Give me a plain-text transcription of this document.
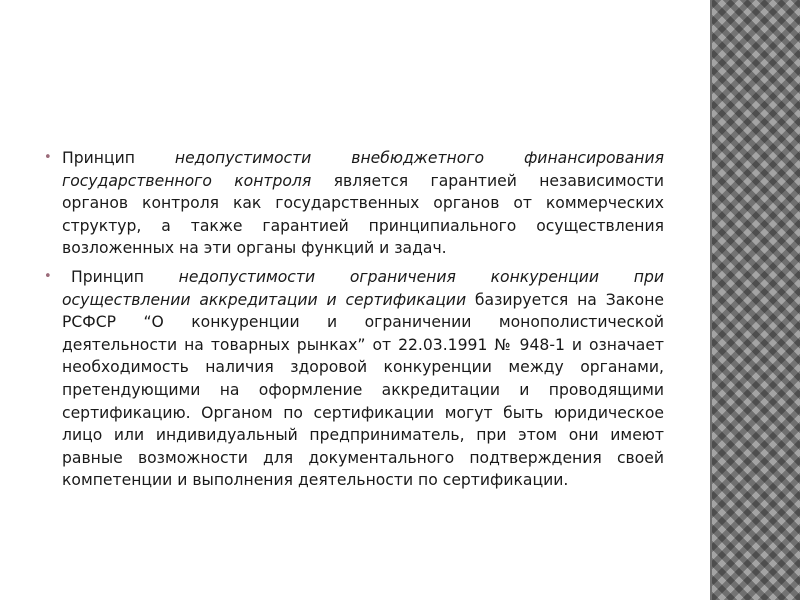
• Принцип недопустимости внебюджетного финансирования государственного контроля является гарантией независимости органов контроля как государственных органов от коммерческих структур, а также гарантией принципиального осуществления возложенных на эти органы функций и задач.

• Принцип недопустимости ограничения конкуренции при осуществлении аккредитации и сертификации базируется на Законе РСФСР “О конкуренции и ограничении монополистической деятельности на товарных рынках” от 22.03.1991 № 948-1 и означает необходимость наличия здоровой конкуренции между органами, претендующими на оформление аккредитации и проводящими сертификацию. Органом по сертификации могут быть юридическое лицо или индивидуальный предприниматель, при этом они имеют равные возможности для документального подтверждения своей компетенции и выполнения деятельности по сертификации.
